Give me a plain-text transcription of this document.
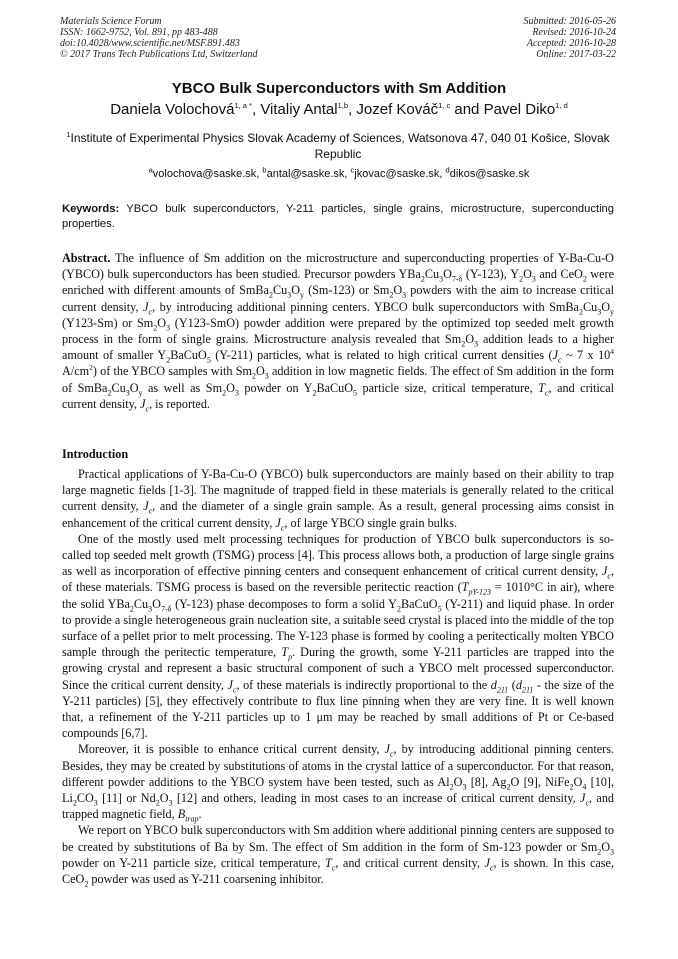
Materials Science Forum
ISSN: 1662-9752, Vol. 891, pp 483-488
doi:10.4028/www.scientific.net/MSF.891.483
© 2017 Trans Tech Publications Ltd, Switzerland
Submitted: 2016-05-26
Revised: 2016-10-24
Accepted: 2016-10-28
Online: 2017-03-22
YBCO Bulk Superconductors with Sm Addition
Daniela Volochová$^{1, a *}$, Vitaliy Antal$^{1,b}$, Jozef Kováč$^{1, c}$ and Pavel Diko$^{1, d}$
$^1$Institute of Experimental Physics Slovak Academy of Sciences, Watsonova 47, 040 01 Košice, Slovak Republic
$^a$volochova@saske.sk, $^b$antal@saske.sk, $^c$jkovac@saske.sk, $^d$dikos@saske.sk
Keywords: YBCO bulk superconductors, Y-211 particles, single grains, microstructure, superconducting properties.
Abstract. The influence of Sm addition on the microstructure and superconducting properties of Y-Ba-Cu-O (YBCO) bulk superconductors has been studied. Precursor powders $YBa_2Cu_3O_{7-\delta}$ (Y-123), $Y_2O_3$ and CeO$_2$ were enriched with different amounts of $SmBa_2Cu_3O_y$ (Sm-123) or $Sm_2O_3$ powders with the aim to increase critical current density, $J_c$, by introducing additional pinning centers. YBCO bulk superconductors with $SmBa_2Cu_3O_y$ (Y123-Sm) or $Sm_2O_3$ (Y123-SmO) powder addition were prepared by the optimized top seeded melt growth process in the form of single grains. Microstructure analysis revealed that $Sm_2O_3$ addition leads to a higher amount of smaller $Y_2BaCuO_5$ (Y-211) particles, what is related to high critical current densities ($J_c$ ~ 7 x $10^4$ $A/cm^2$) of the YBCO samples with $Sm_2O_3$ addition in low magnetic fields. The effect of Sm addition in the form of $SmBa_2Cu_3O_y$ as well as $Sm_2O_3$ powder on $Y_2BaCuO_5$ particle size, critical temperature, $T_c$, and critical current density, $J_c$, is reported.
Introduction

Practical applications of Y-Ba-Cu-O (YBCO) bulk superconductors are mainly based on their ability to trap large magnetic fields [1-3]. The magnitude of trapped field in these materials is generally related to the critical current density, $J_c$, and the diameter of a single grain sample. As a result, general processing aims consist in enhancement of the critical current density, $J_c$, of large YBCO single grain bulks.

One of the mostly used melt processing techniques for production of YBCO bulk superconductors is so-called top seeded melt growth (TSMG) process [4]. This process allows both, a production of large single grains as well as incorporation of effective pinning centers and consequent enhancement of critical current density, $J_c$, of these materials. TSMG process is based on the reversible peritectic reaction ($T_{pY-123} = 1010^\circ C$ in air), where the solid $YBa_2Cu_3O_{7-\delta}$ (Y-123) phase decomposes to form a solid $Y_2BaCuO_5$ (Y-211) and liquid phase. In order to provide a single heterogeneous grain nucleation site, a suitable seed crystal is placed into the middle of the top surface of a pellet prior to melt processing. The Y-123 phase is formed by cooling a peritectically molten YBCO sample through the peritectic temperature, $T_p$. During the growth, some Y-211 particles are trapped into the growing crystal and represent a basic structural component of such a YBCO melt processed superconductor. Since the critical current density, $J_c$, of these materials is indirectly proportional to the $d_{211}$ ($d_{211}$ - the size of the Y-211 particles) [5], they effectively contribute to flux line pinning when they are very fine. It is well known that, a refinement of the Y-211 particles up to 1 μm may be reached by small additions of Pt or Ce-based compounds [6,7].

Moreover, it is possible to enhance critical current density, $J_c$, by introducing additional pinning centers. Besides, they may be created by substitutions of atoms in the crystal lattice of a superconductor. For that reason, different powder additions to the YBCO system have been tested, such as $Al_2O_3$ [8], $Ag_2O$ [9], $NiFe_2O_4$ [10], $Li_2CO_3$ [11] or $Nd_2O_3$ [12] and others, leading in most cases to an increase of critical current density, $J_c$, and trapped magnetic field, $B_{trap}$.

We report on YBCO bulk superconductors with Sm addition where additional pinning centers are supposed to be created by substitutions of Ba by Sm. The effect of Sm addition in the form of Sm-123 powder or $Sm_2O_3$ powder on Y-211 particle size, critical temperature, $T_c$, and critical current density, $J_c$, is shown. In this case, CeO$_2$ powder was used as Y-211 coarsening inhibitor.
